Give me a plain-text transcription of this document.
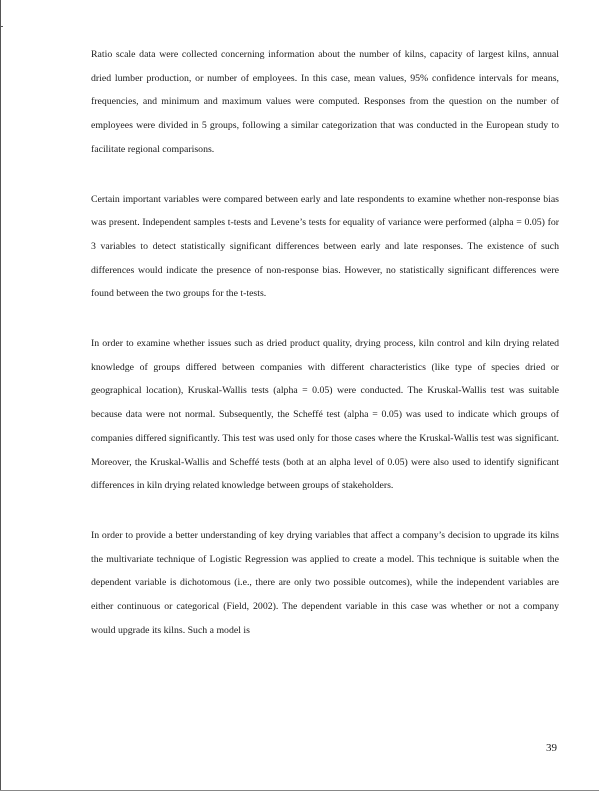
Ratio scale data were collected concerning information about the number of kilns, capacity of largest kilns, annual dried lumber production, or number of employees. In this case, mean values, 95% confidence intervals for means, frequencies, and minimum and maximum values were computed. Responses from the question on the number of employees were divided in 5 groups, following a similar categorization that was conducted in the European study to facilitate regional comparisons.

Certain important variables were compared between early and late respondents to examine whether non-response bias was present. Independent samples t-tests and Levene’s tests for equality of variance were performed (alpha = 0.05) for 3 variables to detect statistically significant differences between early and late responses. The existence of such differences would indicate the presence of non-response bias. However, no statistically significant differences were found between the two groups for the t-tests.

In order to examine whether issues such as dried product quality, drying process, kiln control and kiln drying related knowledge of groups differed between companies with different characteristics (like type of species dried or geographical location), Kruskal-Wallis tests (alpha = 0.05) were conducted. The Kruskal-Wallis test was suitable because data were not normal. Subsequently, the Scheffé test (alpha = 0.05) was used to indicate which groups of companies differed significantly. This test was used only for those cases where the Kruskal-Wallis test was significant. Moreover, the Kruskal-Wallis and Scheffé tests (both at an alpha level of 0.05) were also used to identify significant differences in kiln drying related knowledge between groups of stakeholders.

In order to provide a better understanding of key drying variables that affect a company’s decision to upgrade its kilns the multivariate technique of Logistic Regression was applied to create a model. This technique is suitable when the dependent variable is dichotomous (i.e., there are only two possible outcomes), while the independent variables are either continuous or categorical (Field, 2002). The dependent variable in this case was whether or not a company would upgrade its kilns. Such a model is

39
